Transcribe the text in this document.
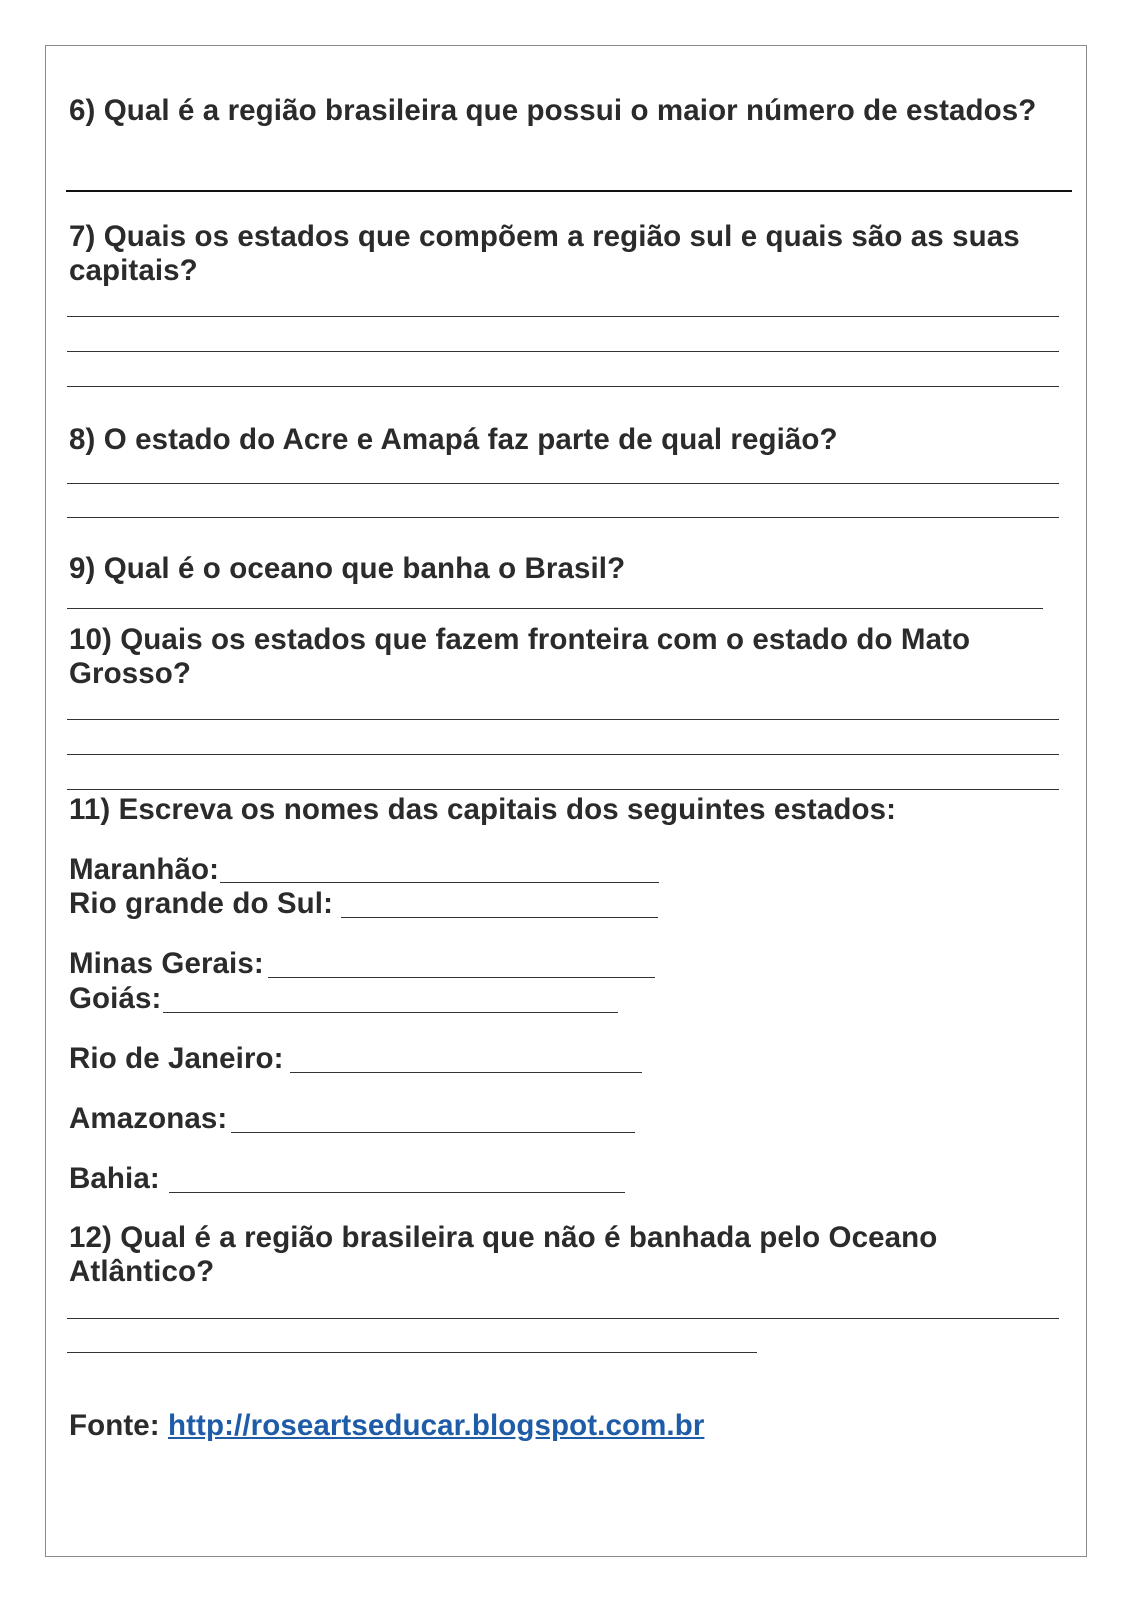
6) Qual é a região brasileira que possui o maior número de estados?

7) Quais os estados que compõem a região sul e quais são as suas

capitais?

8) O estado do Acre e Amapá faz parte de qual região?

9) Qual é o oceano que banha o Brasil?

10) Quais os estados que fazem fronteira com o estado do Mato

Grosso?

11) Escreva os nomes das capitais dos seguintes estados:

Maranhão:

Rio grande do Sul:

Minas Gerais:

Goiás:

Rio de Janeiro:

Amazonas:

Bahia:

12) Qual é a região brasileira que não é banhada pelo Oceano

Atlântico?

Fonte: http://roseartseducar.blogspot.com.br
